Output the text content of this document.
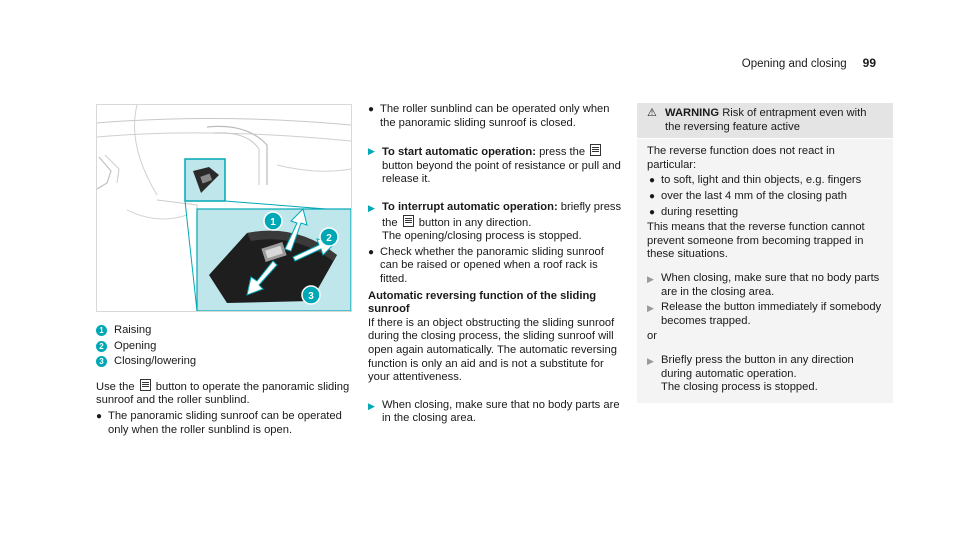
Opening and closing 99
1
2
3
1 Raising
2 Opening
3 Closing/lowering

Use the button to operate the panoramic sliding sunroof and the roller sunblind.

● The panoramic sliding sunroof can be operated only when the roller sunblind is open.
● The roller sunblind can be operated only when the panoramic sliding sunroof is closed.
▶ To start automatic operation: press the  button beyond the point of resistance or pull and release it.
▶ To interrupt automatic operation: briefly press the button in any direction.
The opening/closing process is stopped.
● Check whether the panoramic sliding sunroof can be raised or opened when a roof rack is fitted.

Automatic reversing function of the sliding sunroof

If there is an object obstructing the sliding sunroof during the closing process, the sliding sunroof will open again automatically. The automatic reversing function is only an aid and is not a substitute for your attentiveness.

▶ When closing, make sure that no body parts are in the closing area.
⚠ WARNING Risk of entrapment even with the reversing feature active

The reverse function does not react in particular:

● to soft, light and thin objects, e.g. fingers
● over the last 4 mm of the closing path
● during resetting

This means that the reverse function cannot prevent someone from becoming trapped in these situations.

▶ When closing, make sure that no body parts are in the closing area.
▶ Release the button immediately if somebody becomes trapped.

or

▶ Briefly press the button in any direction during automatic operation.
The closing process is stopped.
